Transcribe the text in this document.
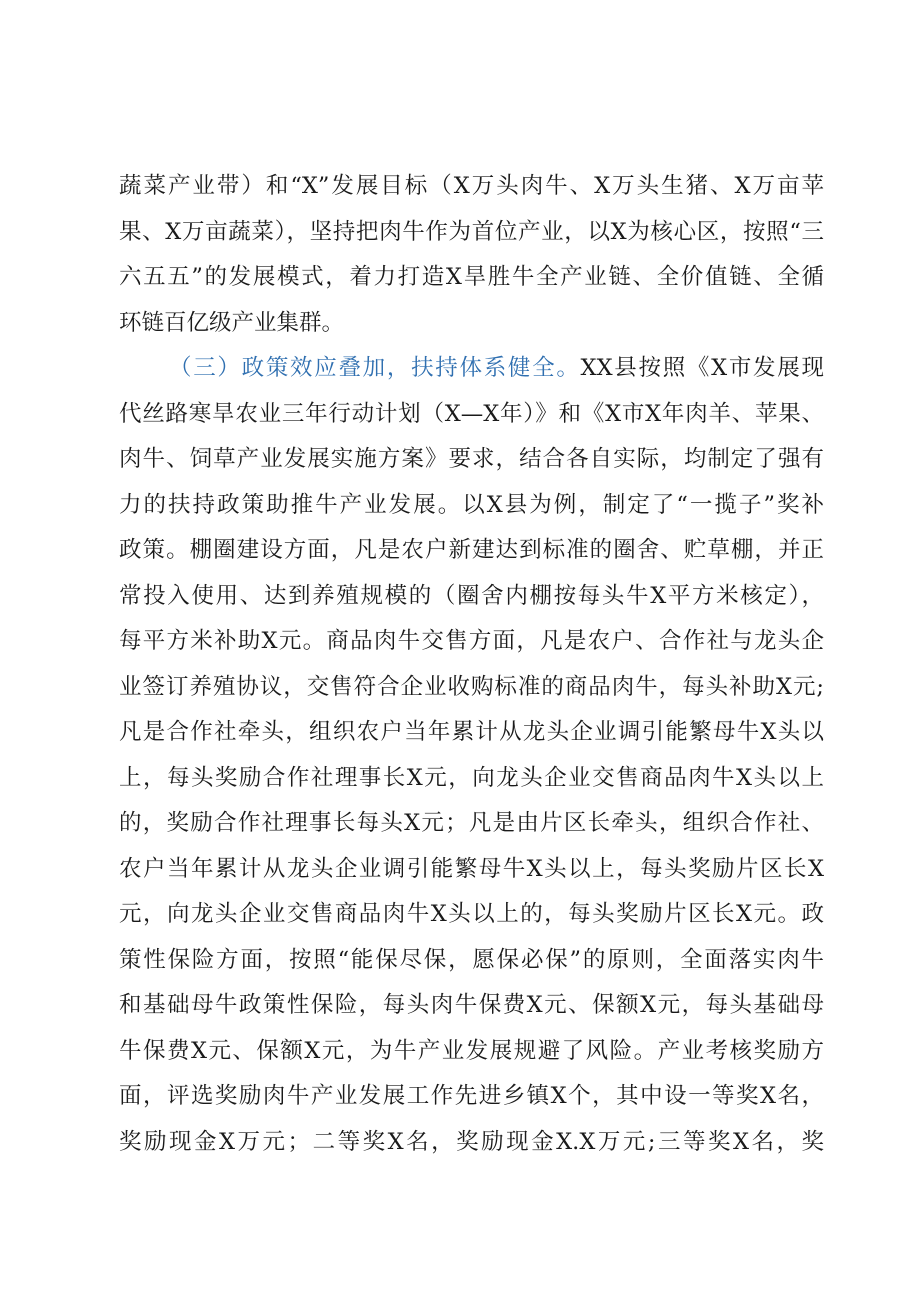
蔬菜产业带）和“X”发展目标（X万头肉牛、X万头生猪、X万亩苹
果、X万亩蔬菜），坚持把肉牛作为首位产业，以X为核心区，按照“三
六五五”的发展模式，着力打造X旱胜牛全产业链、全价值链、全循
环链百亿级产业集群。
（三）政策效应叠加，扶持体系健全。XX县按照《X市发展现
代丝路寒旱农业三年行动计划（X—X年）》和《X市X年肉羊、苹果、
肉牛、饲草产业发展实施方案》要求，结合各自实际，均制定了强有
力的扶持政策助推牛产业发展。以X县为例，制定了“一揽子”奖补
政策。棚圈建设方面，凡是农户新建达到标准的圈舍、贮草棚，并正
常投入使用、达到养殖规模的（圈舍内棚按每头牛X平方米核定），
每平方米补助X元。商品肉牛交售方面，凡是农户、合作社与龙头企
业签订养殖协议，交售符合企业收购标准的商品肉牛，每头补助X元;
凡是合作社牵头，组织农户当年累计从龙头企业调引能繁母牛X头以
上，每头奖励合作社理事长X元，向龙头企业交售商品肉牛X头以上
的，奖励合作社理事长每头X元；凡是由片区长牵头，组织合作社、
农户当年累计从龙头企业调引能繁母牛X头以上，每头奖励片区长X
元，向龙头企业交售商品肉牛X头以上的，每头奖励片区长X元。政
策性保险方面，按照“能保尽保，愿保必保”的原则，全面落实肉牛
和基础母牛政策性保险，每头肉牛保费X元、保额X元，每头基础母
牛保费X元、保额X元，为牛产业发展规避了风险。产业考核奖励方
面，评选奖励肉牛产业发展工作先进乡镇X个，其中设一等奖X名，
奖励现金X万元；二等奖X名，奖励现金X.X万元;三等奖X名，奖
